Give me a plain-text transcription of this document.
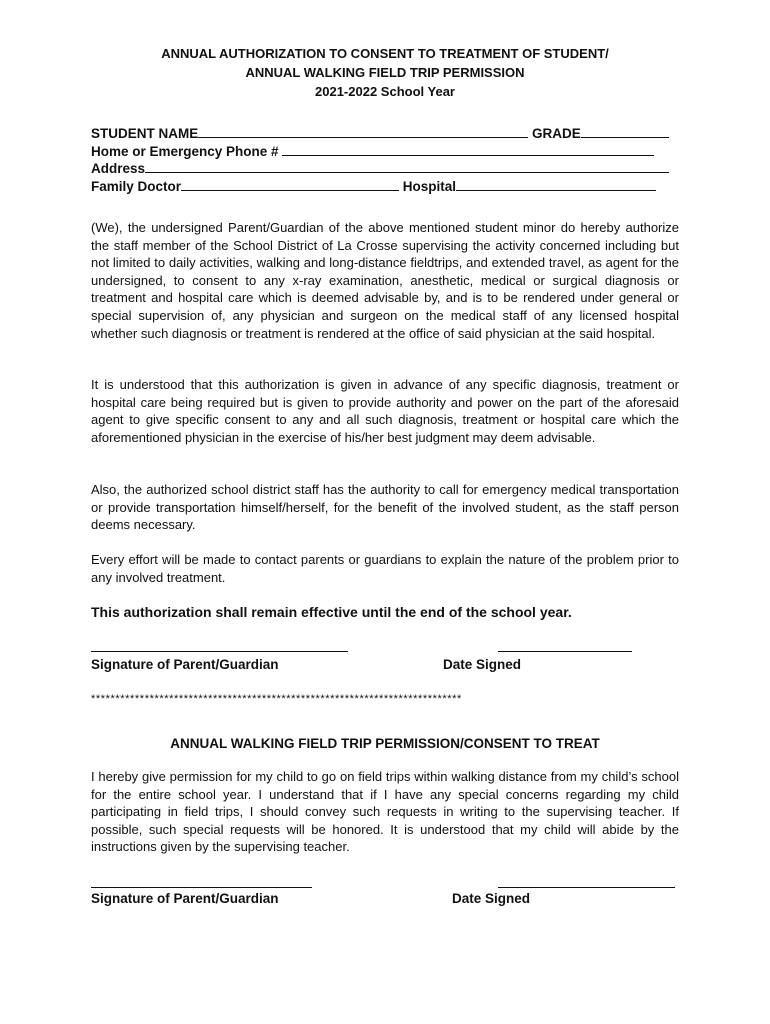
ANNUAL AUTHORIZATION TO CONSENT TO TREATMENT OF STUDENT/
ANNUAL WALKING FIELD TRIP PERMISSION
2021-2022 School Year
STUDENT NAME	GRADE
Home or Emergency Phone #
Address
Family Doctor	Hospital

(We), the undersigned Parent/Guardian of the above mentioned student minor do hereby authorize the staff member of the School District of La Crosse supervising the activity concerned including but not limited to daily activities, walking and long-distance fieldtrips, and extended travel, as agent for the undersigned, to consent to any x-ray examination, anesthetic, medical or surgical diagnosis or treatment and hospital care which is deemed advisable by, and is to be rendered under general or special supervision of, any physician and surgeon on the medical staff of any licensed hospital whether such diagnosis or treatment is rendered at the office of said physician at the said hospital.

It is understood that this authorization is given in advance of any specific diagnosis, treatment or hospital care being required but is given to provide authority and power on the part of the aforesaid agent to give specific consent to any and all such diagnosis, treatment or hospital care which the aforementioned physician in the exercise of his/her best judgment may deem advisable.

Also, the authorized school district staff has the authority to call for emergency medical transportation or provide transportation himself/herself, for the benefit of the involved student, as the staff person deems necessary.

Every effort will be made to contact parents or guardians to explain the nature of the problem prior to any involved treatment.

This authorization shall remain effective until the end of the school year.
Signature of Parent/Guardian	Date Signed
****************************************************************************
ANNUAL WALKING FIELD TRIP PERMISSION/CONSENT TO TREAT

I hereby give permission for my child to go on field trips within walking distance from my child’s school for the entire school year. I understand that if I have any special concerns regarding my child participating in field trips, I should convey such requests in writing to the supervising teacher. If possible, such special requests will be honored. It is understood that my child will abide by the instructions given by the supervising teacher.

Signature of Parent/Guardian	Date Signed
